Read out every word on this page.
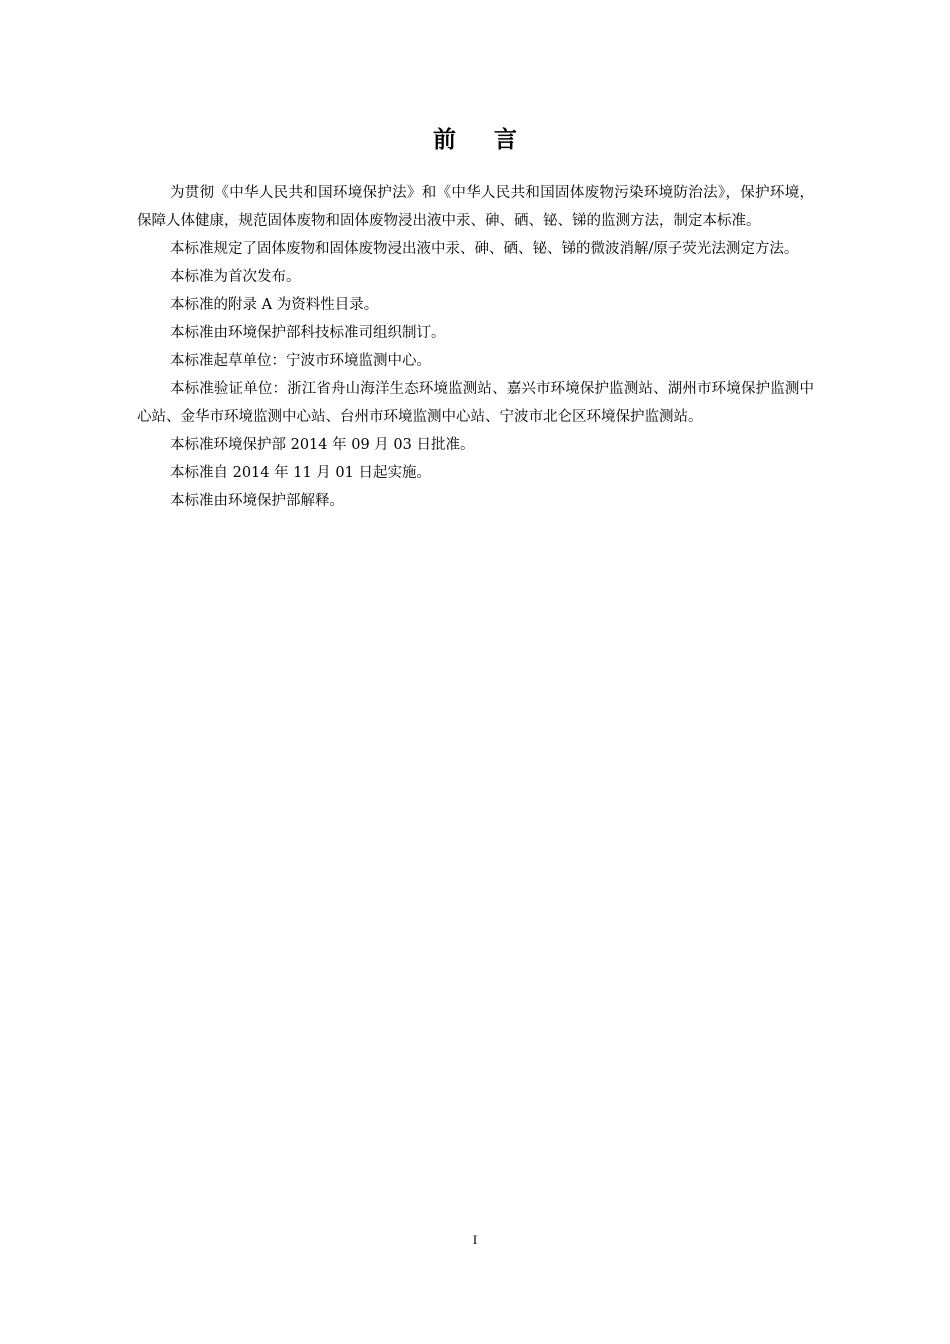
前 言

为贯彻《中华人民共和国环境保护法》和《中华人民共和国固体废物污染环境防治法》，保护环境，保障人体健康，规范固体废物和固体废物浸出液中汞、砷、硒、铋、锑的监测方法，制定本标准。

本标准规定了固体废物和固体废物浸出液中汞、砷、硒、铋、锑的微波消解/原子荧光法测定方法。

本标准为首次发布。

本标准的附录 A 为资料性目录。

本标准由环境保护部科技标准司组织制订。

本标准起草单位：宁波市环境监测中心。

本标准验证单位：浙江省舟山海洋生态环境监测站、嘉兴市环境保护监测站、湖州市环境保护监测中心站、金华市环境监测中心站、台州市环境监测中心站、宁波市北仑区环境保护监测站。

本标准环境保护部 2014 年 09 月 03 日批准。

本标准自 2014 年 11 月 01 日起实施。

本标准由环境保护部解释。

I
